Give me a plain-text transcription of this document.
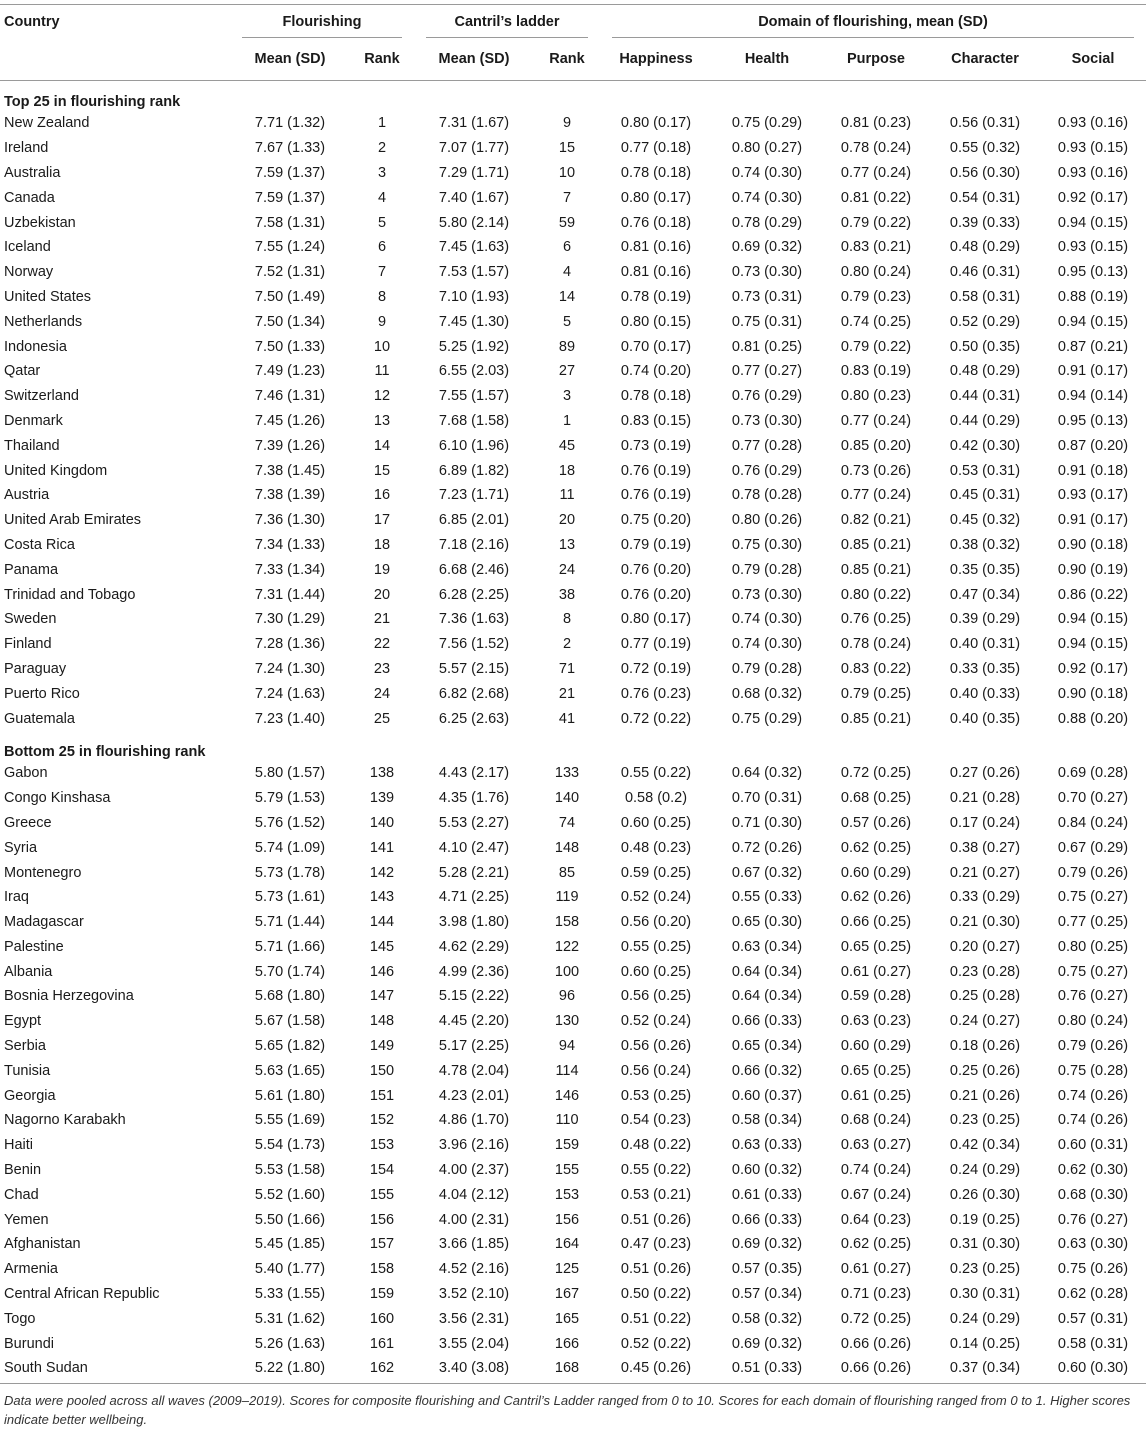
Country	Flourishing		Cantril’s ladder		Domain of flourishing, mean (SD)				
	Mean (SD)	Rank	Mean (SD)	Rank	Happiness	Health	Purpose	Character	Social
Top 25 in flourishing rank									
New Zealand	7.71 (1.32)	1	7.31 (1.67)	9	0.80 (0.17)	0.75 (0.29)	0.81 (0.23)	0.56 (0.31)	0.93 (0.16)
Ireland	7.67 (1.33)	2	7.07 (1.77)	15	0.77 (0.18)	0.80 (0.27)	0.78 (0.24)	0.55 (0.32)	0.93 (0.15)
Australia	7.59 (1.37)	3	7.29 (1.71)	10	0.78 (0.18)	0.74 (0.30)	0.77 (0.24)	0.56 (0.30)	0.93 (0.16)
Canada	7.59 (1.37)	4	7.40 (1.67)	7	0.80 (0.17)	0.74 (0.30)	0.81 (0.22)	0.54 (0.31)	0.92 (0.17)
Uzbekistan	7.58 (1.31)	5	5.80 (2.14)	59	0.76 (0.18)	0.78 (0.29)	0.79 (0.22)	0.39 (0.33)	0.94 (0.15)
Iceland	7.55 (1.24)	6	7.45 (1.63)	6	0.81 (0.16)	0.69 (0.32)	0.83 (0.21)	0.48 (0.29)	0.93 (0.15)
Norway	7.52 (1.31)	7	7.53 (1.57)	4	0.81 (0.16)	0.73 (0.30)	0.80 (0.24)	0.46 (0.31)	0.95 (0.13)
United States	7.50 (1.49)	8	7.10 (1.93)	14	0.78 (0.19)	0.73 (0.31)	0.79 (0.23)	0.58 (0.31)	0.88 (0.19)
Netherlands	7.50 (1.34)	9	7.45 (1.30)	5	0.80 (0.15)	0.75 (0.31)	0.74 (0.25)	0.52 (0.29)	0.94 (0.15)
Indonesia	7.50 (1.33)	10	5.25 (1.92)	89	0.70 (0.17)	0.81 (0.25)	0.79 (0.22)	0.50 (0.35)	0.87 (0.21)
Qatar	7.49 (1.23)	11	6.55 (2.03)	27	0.74 (0.20)	0.77 (0.27)	0.83 (0.19)	0.48 (0.29)	0.91 (0.17)
Switzerland	7.46 (1.31)	12	7.55 (1.57)	3	0.78 (0.18)	0.76 (0.29)	0.80 (0.23)	0.44 (0.31)	0.94 (0.14)
Denmark	7.45 (1.26)	13	7.68 (1.58)	1	0.83 (0.15)	0.73 (0.30)	0.77 (0.24)	0.44 (0.29)	0.95 (0.13)
Thailand	7.39 (1.26)	14	6.10 (1.96)	45	0.73 (0.19)	0.77 (0.28)	0.85 (0.20)	0.42 (0.30)	0.87 (0.20)
United Kingdom	7.38 (1.45)	15	6.89 (1.82)	18	0.76 (0.19)	0.76 (0.29)	0.73 (0.26)	0.53 (0.31)	0.91 (0.18)
Austria	7.38 (1.39)	16	7.23 (1.71)	11	0.76 (0.19)	0.78 (0.28)	0.77 (0.24)	0.45 (0.31)	0.93 (0.17)
United Arab Emirates	7.36 (1.30)	17	6.85 (2.01)	20	0.75 (0.20)	0.80 (0.26)	0.82 (0.21)	0.45 (0.32)	0.91 (0.17)
Costa Rica	7.34 (1.33)	18	7.18 (2.16)	13	0.79 (0.19)	0.75 (0.30)	0.85 (0.21)	0.38 (0.32)	0.90 (0.18)
Panama	7.33 (1.34)	19	6.68 (2.46)	24	0.76 (0.20)	0.79 (0.28)	0.85 (0.21)	0.35 (0.35)	0.90 (0.19)
Trinidad and Tobago	7.31 (1.44)	20	6.28 (2.25)	38	0.76 (0.20)	0.73 (0.30)	0.80 (0.22)	0.47 (0.34)	0.86 (0.22)
Sweden	7.30 (1.29)	21	7.36 (1.63)	8	0.80 (0.17)	0.74 (0.30)	0.76 (0.25)	0.39 (0.29)	0.94 (0.15)
Finland	7.28 (1.36)	22	7.56 (1.52)	2	0.77 (0.19)	0.74 (0.30)	0.78 (0.24)	0.40 (0.31)	0.94 (0.15)
Paraguay	7.24 (1.30)	23	5.57 (2.15)	71	0.72 (0.19)	0.79 (0.28)	0.83 (0.22)	0.33 (0.35)	0.92 (0.17)
Puerto Rico	7.24 (1.63)	24	6.82 (2.68)	21	0.76 (0.23)	0.68 (0.32)	0.79 (0.25)	0.40 (0.33)	0.90 (0.18)
Guatemala	7.23 (1.40)	25	6.25 (2.63)	41	0.72 (0.22)	0.75 (0.29)	0.85 (0.21)	0.40 (0.35)	0.88 (0.20)
Bottom 25 in flourishing rank									
Gabon	5.80 (1.57)	138	4.43 (2.17)	133	0.55 (0.22)	0.64 (0.32)	0.72 (0.25)	0.27 (0.26)	0.69 (0.28)
Congo Kinshasa	5.79 (1.53)	139	4.35 (1.76)	140	0.58 (0.2)	0.70 (0.31)	0.68 (0.25)	0.21 (0.28)	0.70 (0.27)
Greece	5.76 (1.52)	140	5.53 (2.27)	74	0.60 (0.25)	0.71 (0.30)	0.57 (0.26)	0.17 (0.24)	0.84 (0.24)
Syria	5.74 (1.09)	141	4.10 (2.47)	148	0.48 (0.23)	0.72 (0.26)	0.62 (0.25)	0.38 (0.27)	0.67 (0.29)
Montenegro	5.73 (1.78)	142	5.28 (2.21)	85	0.59 (0.25)	0.67 (0.32)	0.60 (0.29)	0.21 (0.27)	0.79 (0.26)
Iraq	5.73 (1.61)	143	4.71 (2.25)	119	0.52 (0.24)	0.55 (0.33)	0.62 (0.26)	0.33 (0.29)	0.75 (0.27)
Madagascar	5.71 (1.44)	144	3.98 (1.80)	158	0.56 (0.20)	0.65 (0.30)	0.66 (0.25)	0.21 (0.30)	0.77 (0.25)
Palestine	5.71 (1.66)	145	4.62 (2.29)	122	0.55 (0.25)	0.63 (0.34)	0.65 (0.25)	0.20 (0.27)	0.80 (0.25)
Albania	5.70 (1.74)	146	4.99 (2.36)	100	0.60 (0.25)	0.64 (0.34)	0.61 (0.27)	0.23 (0.28)	0.75 (0.27)
Bosnia Herzegovina	5.68 (1.80)	147	5.15 (2.22)	96	0.56 (0.25)	0.64 (0.34)	0.59 (0.28)	0.25 (0.28)	0.76 (0.27)
Egypt	5.67 (1.58)	148	4.45 (2.20)	130	0.52 (0.24)	0.66 (0.33)	0.63 (0.23)	0.24 (0.27)	0.80 (0.24)
Serbia	5.65 (1.82)	149	5.17 (2.25)	94	0.56 (0.26)	0.65 (0.34)	0.60 (0.29)	0.18 (0.26)	0.79 (0.26)
Tunisia	5.63 (1.65)	150	4.78 (2.04)	114	0.56 (0.24)	0.66 (0.32)	0.65 (0.25)	0.25 (0.26)	0.75 (0.28)
Georgia	5.61 (1.80)	151	4.23 (2.01)	146	0.53 (0.25)	0.60 (0.37)	0.61 (0.25)	0.21 (0.26)	0.74 (0.26)
Nagorno Karabakh	5.55 (1.69)	152	4.86 (1.70)	110	0.54 (0.23)	0.58 (0.34)	0.68 (0.24)	0.23 (0.25)	0.74 (0.26)
Haiti	5.54 (1.73)	153	3.96 (2.16)	159	0.48 (0.22)	0.63 (0.33)	0.63 (0.27)	0.42 (0.34)	0.60 (0.31)
Benin	5.53 (1.58)	154	4.00 (2.37)	155	0.55 (0.22)	0.60 (0.32)	0.74 (0.24)	0.24 (0.29)	0.62 (0.30)
Chad	5.52 (1.60)	155	4.04 (2.12)	153	0.53 (0.21)	0.61 (0.33)	0.67 (0.24)	0.26 (0.30)	0.68 (0.30)
Yemen	5.50 (1.66)	156	4.00 (2.31)	156	0.51 (0.26)	0.66 (0.33)	0.64 (0.23)	0.19 (0.25)	0.76 (0.27)
Afghanistan	5.45 (1.85)	157	3.66 (1.85)	164	0.47 (0.23)	0.69 (0.32)	0.62 (0.25)	0.31 (0.30)	0.63 (0.30)
Armenia	5.40 (1.77)	158	4.52 (2.16)	125	0.51 (0.26)	0.57 (0.35)	0.61 (0.27)	0.23 (0.25)	0.75 (0.26)
Central African Republic	5.33 (1.55)	159	3.52 (2.10)	167	0.50 (0.22)	0.57 (0.34)	0.71 (0.23)	0.30 (0.31)	0.62 (0.28)
Togo	5.31 (1.62)	160	3.56 (2.31)	165	0.51 (0.22)	0.58 (0.32)	0.72 (0.25)	0.24 (0.29)	0.57 (0.31)
Burundi	5.26 (1.63)	161	3.55 (2.04)	166	0.52 (0.22)	0.69 (0.32)	0.66 (0.26)	0.14 (0.25)	0.58 (0.31)
South Sudan	5.22 (1.80)	162	3.40 (3.08)	168	0.45 (0.26)	0.51 (0.33)	0.66 (0.26)	0.37 (0.34)	0.60 (0.30)
Data were pooled across all waves (2009–2019). Scores for composite flourishing and Cantril’s Ladder ranged from 0 to 10. Scores for each domain of flourishing ranged from 0 to 1. Higher scores indicate better wellbeing.
